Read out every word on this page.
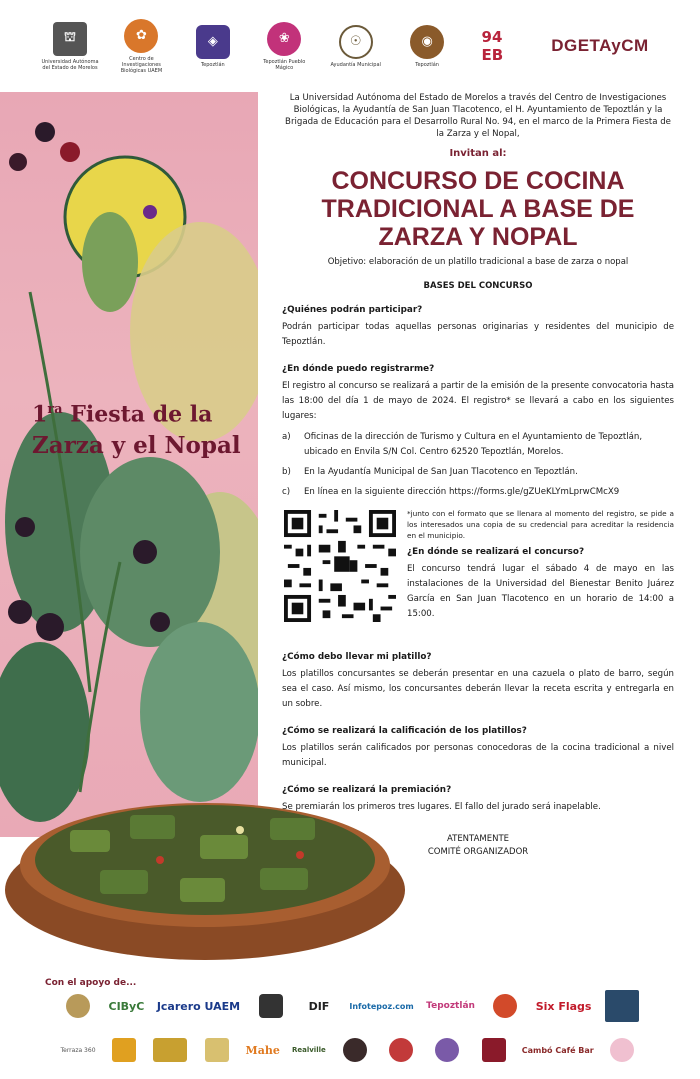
⛫
Universidad Autónoma del Estado de Morelos
✿
Centro de Investigaciones Biológicas UAEM
◈
Tepoztlán
❀
Tepoztlán Pueblo Mágico
☉
Ayudantía Municipal
◉
Tepoztlán
94 EB	DGETAyCM
$1^{ra}$ Fiesta de la
Zarza y el Nopal
La Universidad Autónoma del Estado de Morelos a través del Centro de Investigaciones Biológicas, la Ayudantía de San Juan Tlacotenco, el H. Ayuntamiento de Tepoztlán y la Brigada de Educación para el Desarrollo Rural No. 94, en el marco de la Primera Fiesta de la Zarza y el Nopal,
Invitan al:
CONCURSO DE COCINA TRADICIONAL A BASE DE ZARZA Y NOPAL
Objetivo: elaboración de un platillo tradicional a base de zarza o nopal
BASES DEL CONCURSO
¿Quiénes podrán participar?
Podrán participar todas aquellas personas originarias y residentes del municipio de Tepoztlán.
¿En dónde puedo registrarme?
El registro al concurso se realizará a partir de la emisión de la presente convocatoria hasta las 18:00 del día 1 de mayo de 2024. El registro* se llevará a cabo en los siguientes lugares:
a)	Oficinas de la dirección de Turismo y Cultura en el Ayuntamiento de Tepoztlán, ubicado en Envila S/N Col. Centro 62520 Tepoztlán, Morelos.
b)	En la Ayudantía Municipal de San Juan Tlacotenco en Tepoztlán.
c)	En línea en la siguiente dirección https://forms.gle/gZUeKLYmLprwCMcX9
*junto con el formato que se llenara al momento del registro, se pide a los interesados una copia de su credencial para acreditar la residencia en el municipio.
¿En dónde se realizará el concurso?
El concurso tendrá lugar el sábado 4 de mayo en las instalaciones de la Universidad del Bienestar Benito Juárez García en San Juan Tlacotenco en un horario de 14:00 a 15:00.
¿Cómo debo llevar mi platillo?
Los platillos concursantes se deberán presentar en una cazuela o plato de barro, según sea el caso. Así mismo, los concursantes deberán llevar la receta escrita y entregarla en un sobre.
¿Cómo se realizará la calificación de los platillos?
Los platillos serán calificados por personas conocedoras de la cocina tradicional a nivel municipal.
¿Cómo se realizará la premiación?
Se premiarán los primeros tres lugares. El fallo del jurado será inapelable.
ATENTAMENTE
COMITÉ ORGANIZADOR
Con el apoyo de...
CIByC Jcarero UAEM	DIF	Infotepoz.com Tepoztlán	Six Flags
Terraza 360	Mahe Realville	Cambó Café Bar
